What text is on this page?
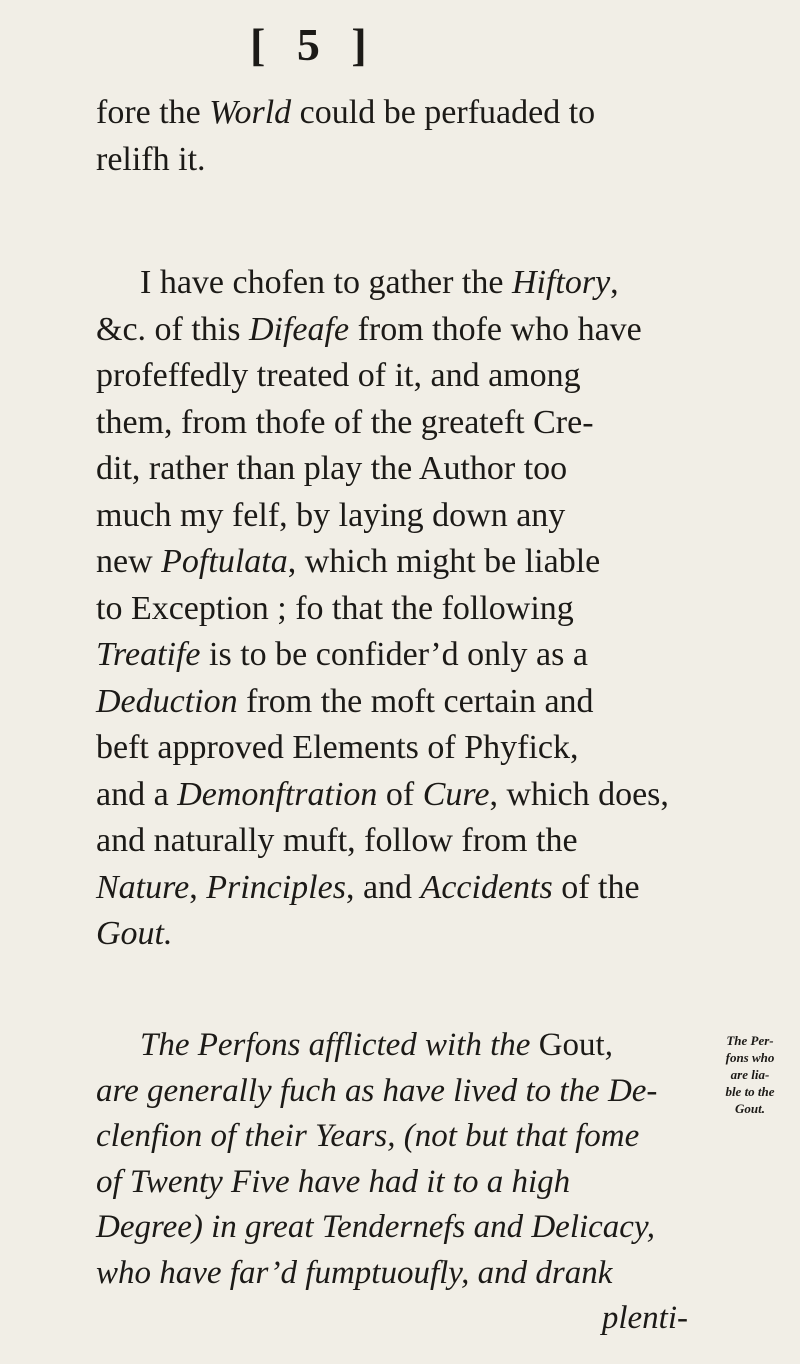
[ 5 ]
fore the World could be perfuaded to
relifh it.
I have chofen to gather the Hiftory,
&c. of this Difeafe from thofe who have
profeffedly treated of it, and among
them, from thofe of the greateft Cre-
dit, rather than play the Author too
much my felf, by laying down any
new Poftulata, which might be liable
to Exception ; fo that the following
Treatife is to be confider’d only as a
Deduction from the moft certain and
beft approved Elements of Phyfick,
and a Demonftration of Cure, which does,
and naturally muft, follow from the
Nature, Principles, and Accidents of the
Gout.
The Perfons afflicted with the Gout,
are generally fuch as have lived to the De-
clenfion of their Years, (not but that fome
of Twenty Five have had it to a high
Degree) in great Tendernefs and Delicacy,
who have far’d fumptuoufly, and drank
plenti-
The Per-
fons who
are lia-
ble to the
Gout.
